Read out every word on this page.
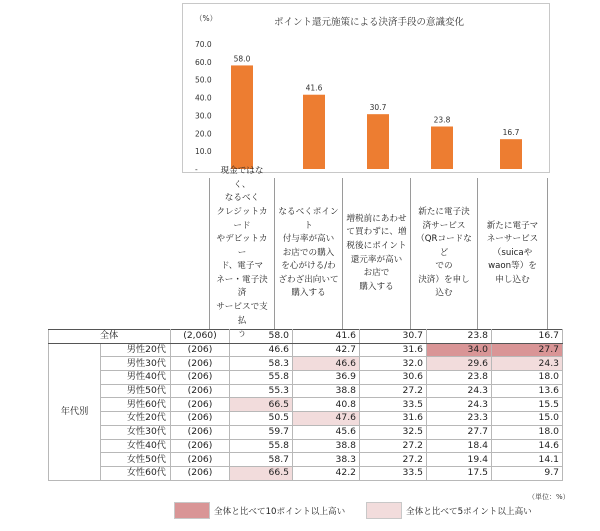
ポイント還元施策による決済手段の意識変化
（%）
70.0
60.0
50.0
40.0
30.0
20.0
10.0
-
58.0
41.6
30.7
23.8
16.7
現金ではなく、
なるべく
クレジットカード
やデビットカー
ド、電子マ
ネー・電子決済
サービスで支払
う
なるべくポイント
付与率が高い
お店での購入
を心がける/わ
ざわざ出向いて
購入する
増税前にあわせ
て買わずに、増
税後にポイント
還元率が高い
お店で
購入する
新たに電子決
済サービス
（QRコードなど
での
決済）を申し
込む
新たに電子マ
ネーサービス
（suicaや
waon等）を
申し込む
全体		(2,060)	58.0	41.6	30.7	23.8	16.7
年代別	男性20代	(206)	46.6	42.7	31.6	34.0	27.7
	男性30代	(206)	58.3	46.6	32.0	29.6	24.3
	男性40代	(206)	55.8	36.9	30.6	23.8	18.0
	男性50代	(206)	55.3	38.8	27.2	24.3	13.6
	男性60代	(206)	66.5	40.8	33.5	24.3	15.5
	女性20代	(206)	50.5	47.6	31.6	23.3	15.0
	女性30代	(206)	59.7	45.6	32.5	27.7	18.0
	女性40代	(206)	55.8	38.8	27.2	18.4	14.6
	女性50代	(206)	58.7	38.3	27.2	19.4	14.1
	女性60代	(206)	66.5	42.2	33.5	17.5	9.7
（単位：%）
全体と比べて10ポイント以上高い	全体と比べて5ポイント以上高い
